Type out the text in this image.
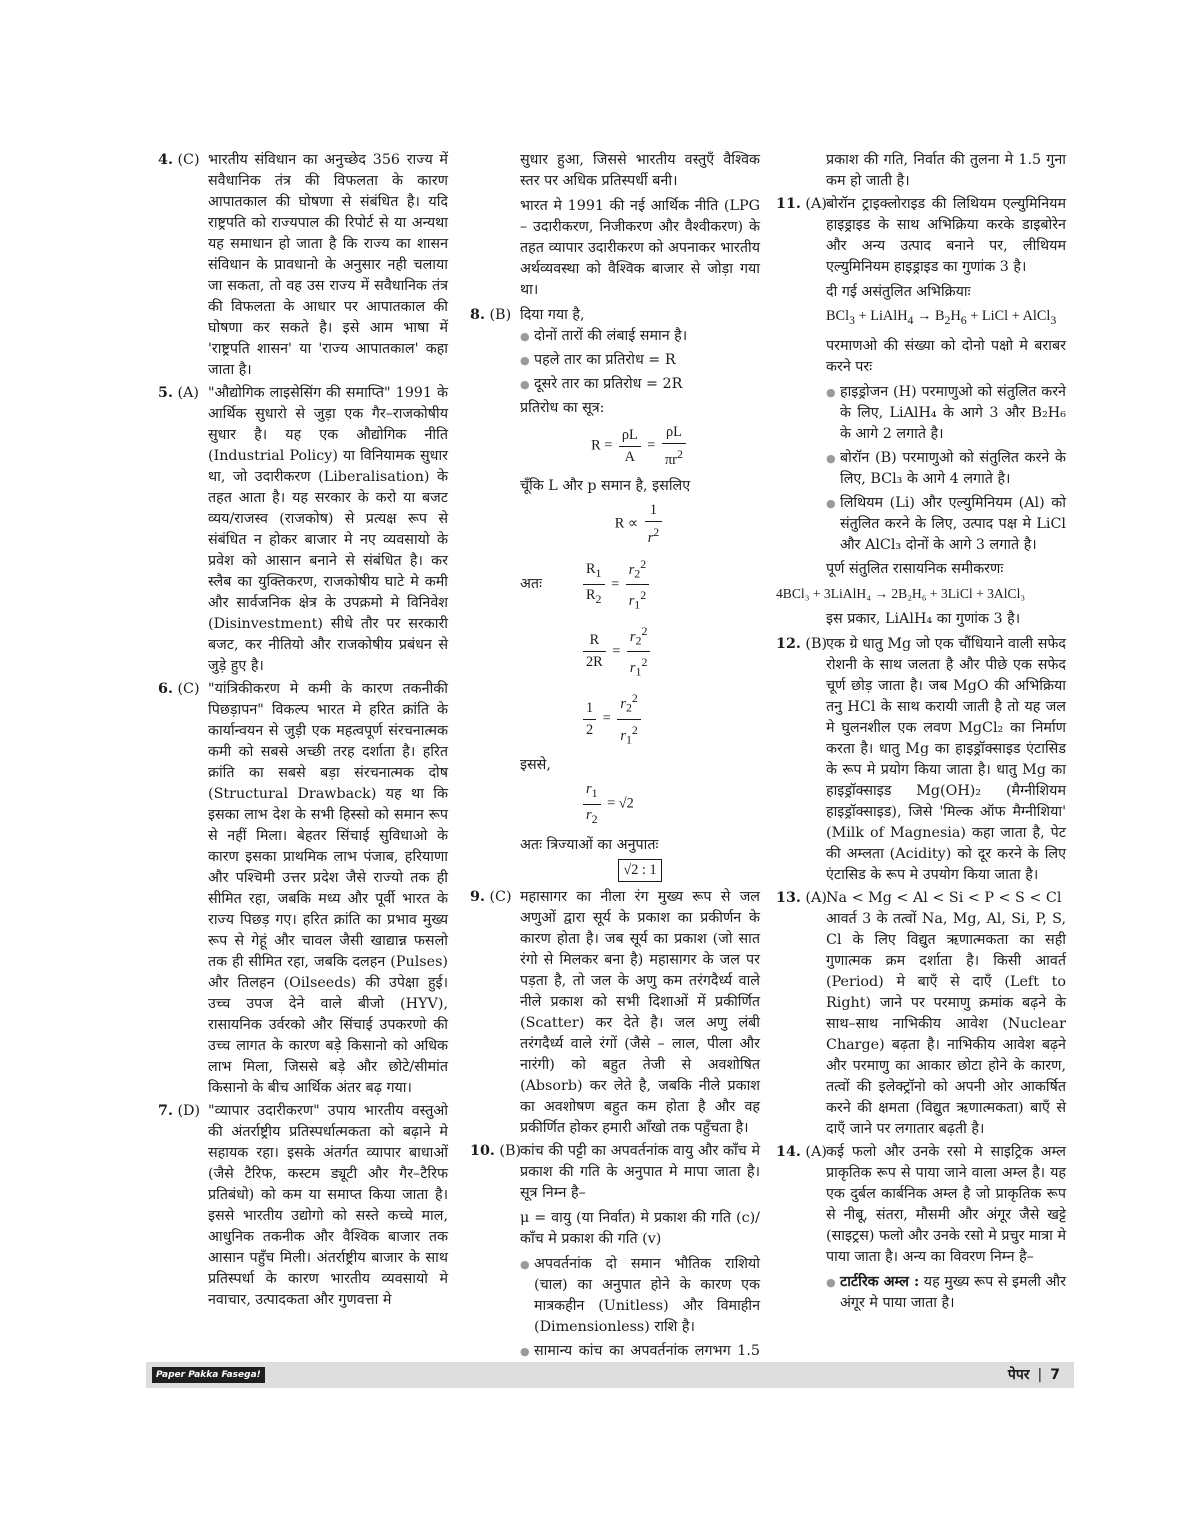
4. (C) भारतीय संविधान का अनुच्छेद 356 राज्य में सवैधानिक तंत्र की विफलता के कारण आपातकाल की घोषणा से संबंधित है। यदि राष्ट्रपति को राज्यपाल की रिपोर्ट से या अन्यथा यह समाधान हो जाता है कि राज्य का शासन संविधान के प्रावधानो के अनुसार नही चलाया जा सकता, तो वह उस राज्य में सवैधानिक तंत्र की विफलता के आधार पर आपातकाल की घोषणा कर सकते है। इसे आम भाषा में 'राष्ट्रपति शासन' या 'राज्य आपातकाल' कहा जाता है।
5. (A) "औद्योगिक लाइसेसिंग की समाप्ति" 1991 के आर्थिक सुधारो से जुड़ा एक गैर–राजकोषीय सुधार है। यह एक औद्योगिक नीति (Industrial Policy) या विनियामक सुधार था, जो उदारीकरण (Liberalisation) के तहत आता है। यह सरकार के करो या बजट व्यय/राजस्व (राजकोष) से प्रत्यक्ष रूप से संबंधित न होकर बाजार मे नए व्यवसायो के प्रवेश को आसान बनाने से संबंधित है। कर स्लैब का युक्तिकरण, राजकोषीय घाटे मे कमी और सार्वजनिक क्षेत्र के उपक्रमो मे विनिवेश (Disinvestment) सीधे तौर पर सरकारी बजट, कर नीतियो और राजकोषीय प्रबंधन से जुड़े हुए है।
6. (C) "यांत्रिकीकरण मे कमी के कारण तकनीकी पिछड़ापन" विकल्प भारत मे हरित क्रांति के कार्यान्वयन से जुड़ी एक महत्वपूर्ण संरचनात्मक कमी को सबसे अच्छी तरह दर्शाता है। हरित क्रांति का सबसे बड़ा संरचनात्मक दोष (Structural Drawback) यह था कि इसका लाभ देश के सभी हिस्सो को समान रूप से नहीं मिला। बेहतर सिंचाई सुविधाओ के कारण इसका प्राथमिक लाभ पंजाब, हरियाणा और पश्चिमी उत्तर प्रदेश जैसे राज्यो तक ही सीमित रहा, जबकि मध्य और पूर्वी भारत के राज्य पिछड़ गए। हरित क्रांति का प्रभाव मुख्य रूप से गेहूं और चावल जैसी खाद्यान्न फसलो तक ही सीमित रहा, जबकि दलहन (Pulses) और तिलहन (Oilseeds) की उपेक्षा हुई। उच्च उपज देने वाले बीजो (HYV), रासायनिक उर्वरको और सिंचाई उपकरणो की उच्च लागत के कारण बड़े किसानो को अधिक लाभ मिला, जिससे बड़े और छोटे/सीमांत किसानो के बीच आर्थिक अंतर बढ़ गया।
7. (D) "व्यापार उदारीकरण" उपाय भारतीय वस्तुओ की अंतर्राष्ट्रीय प्रतिस्पर्धात्मकता को बढ़ाने मे सहायक रहा। इसके अंतर्गत व्यापार बाधाओं (जैसे टैरिफ, कस्टम ड्यूटी और गैर–टैरिफ प्रतिबंधो) को कम या समाप्त किया जाता है। इससे भारतीय उद्योगो को सस्ते कच्चे माल, आधुनिक तकनीक और वैश्विक बाजार तक आसान पहुँच मिली। अंतर्राष्ट्रीय बाजार के साथ प्रतिस्पर्धा के कारण भारतीय व्यवसायो मे नवाचार, उत्पादकता और गुणवत्ता मे
सुधार हुआ, जिससे भारतीय वस्तुएँ वैश्विक स्तर पर अधिक प्रतिस्पर्धी बनी।
भारत मे 1991 की नई आर्थिक नीति (LPG – उदारीकरण, निजीकरण और वैश्वीकरण) के तहत व्यापार उदारीकरण को अपनाकर भारतीय अर्थव्यवस्था को वैश्विक बाजार से जोड़ा गया था।
8. (B) दिया गया है,
● दोनों तारों की लंबाई समान है।
● पहले तार का प्रतिरोध = R
● दूसरे तार का प्रतिरोध = 2R
प्रतिरोध का सूत्र:
$R = \frac{\rho L}{A} = \frac{\rho L}{\pi r^2}$
चूँकि L और p समान है, इसलिए
$R \propto \frac{1}{r^2}$
अतः	$\frac{R_1}{R_2} = \frac{r_2^2}{r_1^2}$
$\frac{R}{2R} = \frac{r_2^2}{r_1^2}$
$\frac{1}{2} = \frac{r_2^2}{r_1^2}$
इससे,
$\frac{r_1}{r_2} = √2$
अतः त्रिज्याओं का अनुपातः
√2 : 1
9. (C) महासागर का नीला रंग मुख्य रूप से जल अणुओं द्वारा सूर्य के प्रकाश का प्रकीर्णन के कारण होता है। जब सूर्य का प्रकाश (जो सात रंगो से मिलकर बना है) महासागर के जल पर पड़ता है, तो जल के अणु कम तरंगदैर्ध्य वाले नीले प्रकाश को सभी दिशाओं में प्रकीर्णित (Scatter) कर देते है। जल अणु लंबी तरंगदैर्ध्य वाले रंगों (जैसे – लाल, पीला और नारंगी) को बहुत तेजी से अवशोषित (Absorb) कर लेते है, जबकि नीले प्रकाश का अवशोषण बहुत कम होता है और वह प्रकीर्णित होकर हमारी आँखो तक पहुँचता है।
10. (B)
कांच की पट्टी का अपवर्तनांक वायु और काँच मे प्रकाश की गति के अनुपात मे मापा जाता है। सूत्र निम्न है–
μ = वायु (या निर्वात) मे प्रकाश की गति (c)/ काँच मे प्रकाश की गति (v)
● अपवर्तनांक दो समान भौतिक राशियो (चाल) का अनुपात होने के कारण एक मात्रकहीन (Unitless) और विमाहीन (Dimensionless) राशि है।
● सामान्य कांच का अपवर्तनांक लगभग 1.5
प्रकाश की गति, निर्वात की तुलना मे 1.5 गुना कम हो जाती है।
11. (A) बोरॉन ट्राइक्लोराइड की लिथियम एल्युमिनियम हाइड्राइड के साथ अभिक्रिया करके डाइबोरेन और अन्य उत्पाद बनाने पर, लीथियम एल्युमिनियम हाइड्राइड का गुणांक 3 है।
दी गई असंतुलित अभिक्रियाः
BCl$_3$ + LiAlH$_4$ → $B_2H_6$ + LiCl + AlCl$_3$
परमाणओ की संख्या को दोनो पक्षो मे बराबर करने परः
● हाइड्रोजन (H) परमाणुओ को संतुलित करने के लिए, LiAlH₄ के आगे 3 और B₂H₆ के आगे 2 लगाते है।
● बोरॉन (B) परमाणुओ को संतुलित करने के लिए, BCl₃ के आगे 4 लगाते है।
● लिथियम (Li) और एल्युमिनियम (Al) को संतुलित करने के लिए, उत्पाद पक्ष मे LiCl और AlCl₃ दोनों के आगे 3 लगाते है।
पूर्ण संतुलित रासायनिक समीकरणः
4BCl₃ + 3LiAlH₄ → 2B₂H₆ + 3LiCl + 3AlCl₃
इस प्रकार, LiAlH₄ का गुणांक 3 है।
12. (B)
एक ग्रे धातु Mg जो एक चौंधियाने वाली सफेद रोशनी के साथ जलता है और पीछे एक सफेद चूर्ण छोड़ जाता है। जब MgO की अभिक्रिया तनु HCl के साथ करायी जाती है तो यह जल मे घुलनशील एक लवण MgCl₂ का निर्माण करता है। धातु Mg का हाइड्रॉक्साइड एंटासिड के रूप मे प्रयोग किया जाता है। धातु Mg का हाइड्रॉक्साइड Mg(OH)₂ (मैग्नीशियम हाइड्रॉक्साइड), जिसे 'मिल्क ऑफ मैग्नीशिया' (Milk of Magnesia) कहा जाता है, पेट की अम्लता (Acidity) को दूर करने के लिए एंटासिड के रूप मे उपयोग किया जाता है।
13. (A) Na < Mg < Al < Si < P < S < Cl
आवर्त 3 के तत्वों Na, Mg, Al, Si, P, S, Cl के लिए विद्युत ऋणात्मकता का सही गुणात्मक क्रम दर्शाता है। किसी आवर्त (Period) मे बाएँ से दाएँ (Left to Right) जाने पर परमाणु क्रमांक बढ़ने के साथ–साथ नाभिकीय आवेश (Nuclear Charge) बढ़ता है। नाभिकीय आवेश बढ़ने और परमाणु का आकार छोटा होने के कारण, तत्वों की इलेक्ट्रॉनो को अपनी ओर आकर्षित करने की क्षमता (विद्युत ऋणात्मकता) बाएँ से दाएँ जाने पर लगातार बढ़ती है।
14. (A) कई फलो और उनके रसो मे साइट्रिक अम्ल प्राकृतिक रूप से पाया जाने वाला अम्ल है। यह एक दुर्बल कार्बनिक अम्ल है जो प्राकृतिक रूप से नीबू, संतरा, मौसमी और अंगूर जैसे खट्टे (साइट्रस) फलो और उनके रसो मे प्रचुर मात्रा मे पाया जाता है। अन्य का विवरण निम्न है–
● टार्टरिक अम्ल : यह मुख्य रूप से इमली और अंगूर मे पाया जाता है।
Paper Pakka Fasega!	पेपर | 7
